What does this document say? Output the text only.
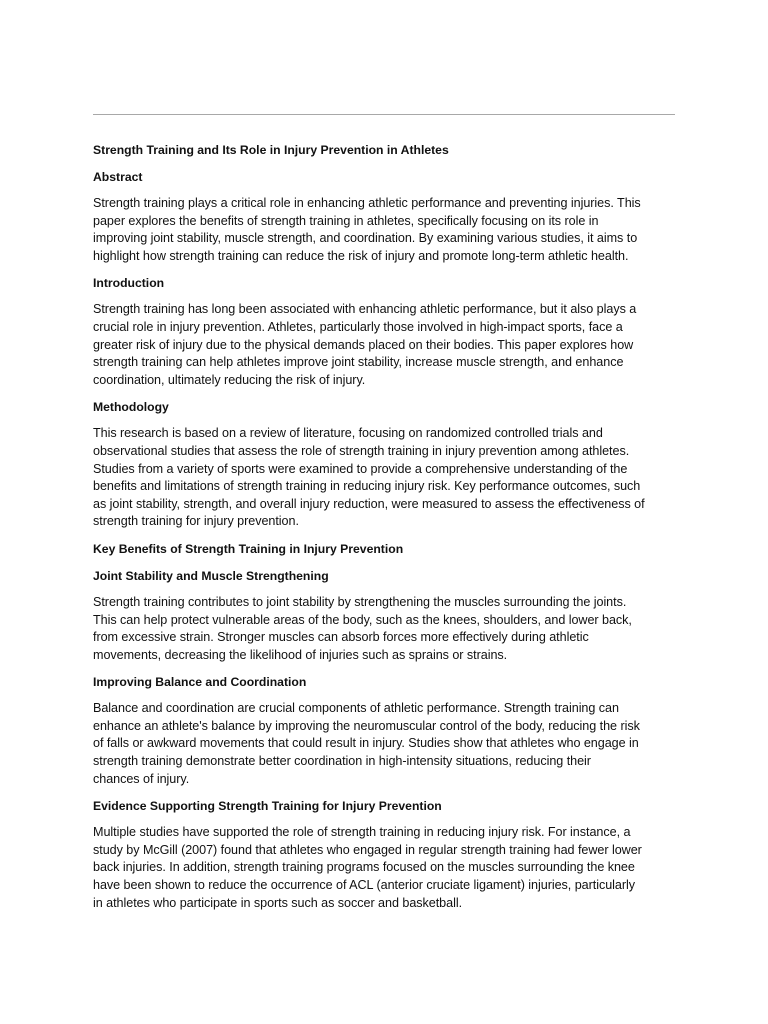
Strength Training and Its Role in Injury Prevention in Athletes
Abstract
Strength training plays a critical role in enhancing athletic performance and preventing injuries. This
paper explores the benefits of strength training in athletes, specifically focusing on its role in
improving joint stability, muscle strength, and coordination. By examining various studies, it aims to
highlight how strength training can reduce the risk of injury and promote long-term athletic health.
Introduction
Strength training has long been associated with enhancing athletic performance, but it also plays a
crucial role in injury prevention. Athletes, particularly those involved in high-impact sports, face a
greater risk of injury due to the physical demands placed on their bodies. This paper explores how
strength training can help athletes improve joint stability, increase muscle strength, and enhance
coordination, ultimately reducing the risk of injury.
Methodology
This research is based on a review of literature, focusing on randomized controlled trials and
observational studies that assess the role of strength training in injury prevention among athletes.
Studies from a variety of sports were examined to provide a comprehensive understanding of the
benefits and limitations of strength training in reducing injury risk. Key performance outcomes, such
as joint stability, strength, and overall injury reduction, were measured to assess the effectiveness of
strength training for injury prevention.
Key Benefits of Strength Training in Injury Prevention
Joint Stability and Muscle Strengthening
Strength training contributes to joint stability by strengthening the muscles surrounding the joints.
This can help protect vulnerable areas of the body, such as the knees, shoulders, and lower back,
from excessive strain. Stronger muscles can absorb forces more effectively during athletic
movements, decreasing the likelihood of injuries such as sprains or strains.
Improving Balance and Coordination
Balance and coordination are crucial components of athletic performance. Strength training can
enhance an athlete's balance by improving the neuromuscular control of the body, reducing the risk
of falls or awkward movements that could result in injury. Studies show that athletes who engage in
strength training demonstrate better coordination in high-intensity situations, reducing their
chances of injury.
Evidence Supporting Strength Training for Injury Prevention
Multiple studies have supported the role of strength training in reducing injury risk. For instance, a
study by McGill (2007) found that athletes who engaged in regular strength training had fewer lower
back injuries. In addition, strength training programs focused on the muscles surrounding the knee
have been shown to reduce the occurrence of ACL (anterior cruciate ligament) injuries, particularly
in athletes who participate in sports such as soccer and basketball.
